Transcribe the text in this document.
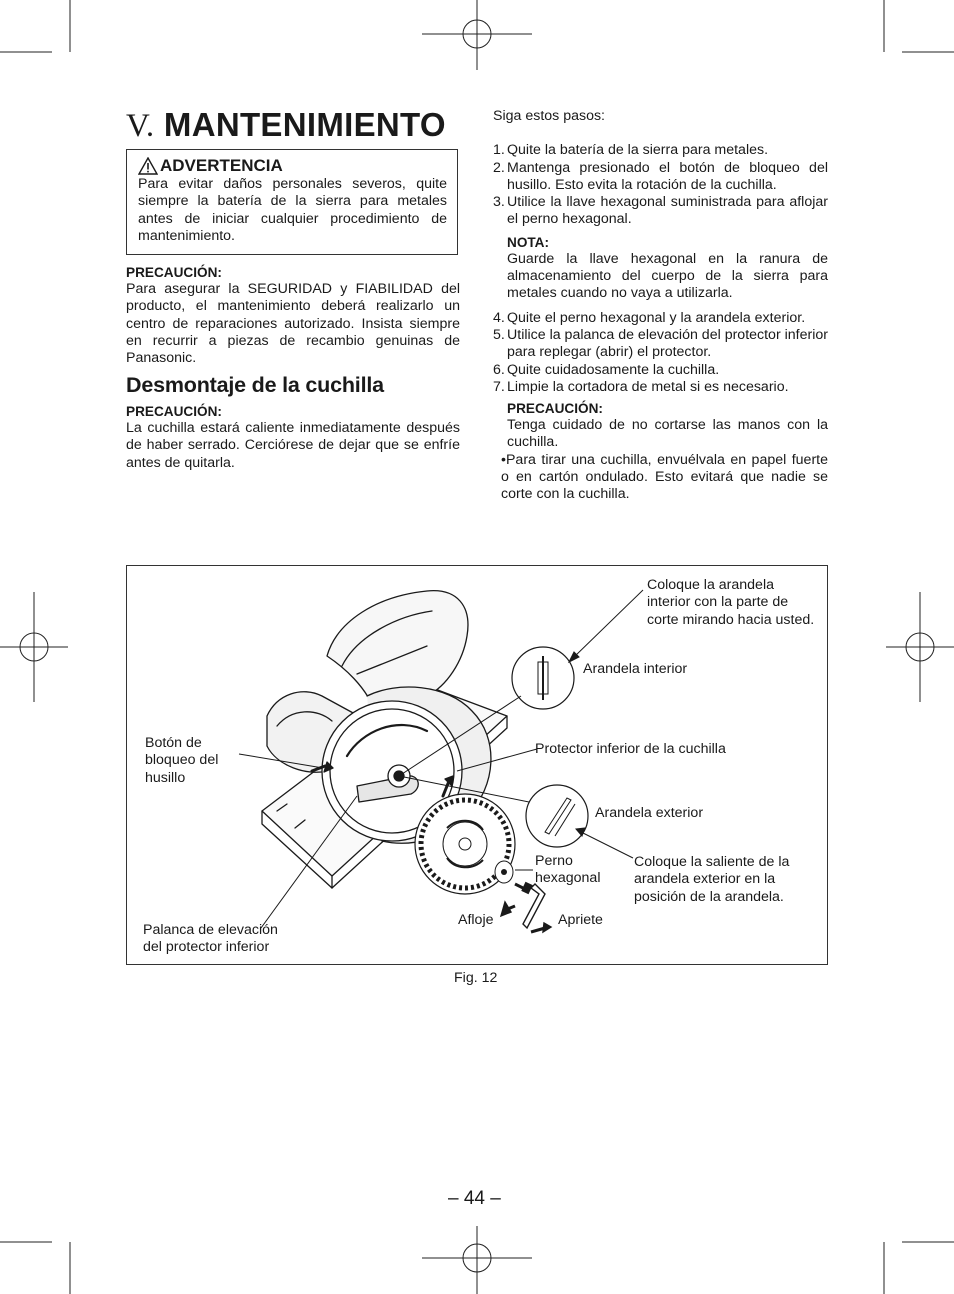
V. MANTENIMIENTO
ADVERTENCIA

Para evitar daños personales severos, quite siempre la batería de la sierra para metales antes de iniciar cualquier procedimiento de mantenimiento.

PRECAUCIÓN:

Para asegurar la SEGURIDAD y FIABILIDAD del producto, el mantenimiento deberá realizarlo un centro de reparaciones autorizado. Insista siempre en recurrir a piezas de recambio genuinas de Panasonic.

Desmontaje de la cuchilla

PRECAUCIÓN:

La cuchilla estará caliente inmediatamente después de haber serrado. Cerciórese de dejar que se enfríe antes de quitarla.

Siga estos pasos:

1. Quite la batería de la sierra para metales.
2. Mantenga presionado el botón de bloqueo del husillo. Esto evita la rotación de la cuchilla.
3. Utilice la llave hexagonal suministrada para aflojar el perno hexagonal.

NOTA:

Guarde la llave hexagonal en la ranura de almacenamiento del cuerpo de la sierra para metales cuando no vaya a utilizarla.

4. Quite el perno hexagonal y la arandela exterior.
5. Utilice la palanca de elevación del protector inferior para replegar (abrir) el protector.
6. Quite cuidadosamente la cuchilla.
7. Limpie la cortadora de metal si es necesario.

PRECAUCIÓN:

Tenga cuidado de no cortarse las manos con la cuchilla.

•Para tirar una cuchilla, envuélvala en papel fuerte o en cartón ondulado. Esto evitará que nadie se corte con la cuchilla.

Coloque la arandela
interior con la parte de
corte mirando hacia usted.
Arandela interior
Botón de
bloqueo del
husillo
Protector inferior de la cuchilla
Arandela exterior
Perno
hexagonal
Coloque la saliente de la
arandela exterior en la
posición de la arandela.
Afloje	Apriete
Palanca de elevación
del protector inferior
Fig. 12
– 44 –
